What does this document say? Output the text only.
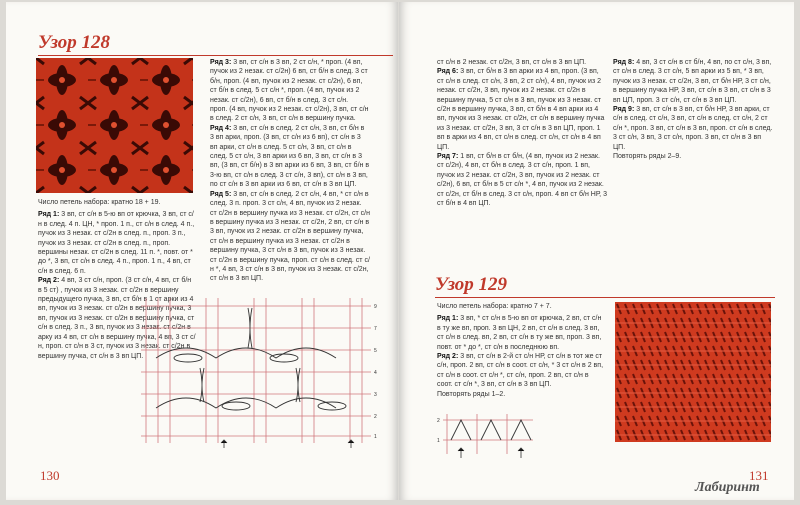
Узор 128

Число петель набора: кратно 18 + 19.

Ряд 1: 3 вп, ст с/н в 5-ю вп от крючка, 3 вп, ст с/н в след. 4 п. ЦН, * проп. 1 п., ст с/н в след. 4 п., пучок из 3 незак. ст с/2н в след. п., проп. 3 п., пучок из 3 незак. ст с/2н в след. п., проп. вершины незак. ст с/2н в след. 11 п. *, повт. от * до *, 3 вп, ст с/н в след. 4 п., проп. 1 п., 4 вп, ст с/н в след. 6 п.

Ряд 2: 4 вп, 3 ст с/н, проп. (3 ст с/н, 4 вп, ст б/н в 5 ст) , пучок из 3 незак. ст с/2н в вершину предыдущего пучка, 3 вп, ст б/н в 1 ст арки из 4 вп, пучок из 3 незак. ст с/2н в вершину пучка, 3 вп, пучок из 3 незак. ст с/2н в вершину пучка, ст с/н в след. 3 п., 3 вп, пучок из 3 незак. ст с/2н в арку из 4 вп, ст с/н в вершину пучка, 4 вп, 3 ст с/н, проп. ст с/н в 3 ст, пучок из 3 незак. ст с/2н в вершину пучка, ст с/н в 3 вп ЦП.

Ряд 3: 3 вп, ст с/н в 3 вп, 2 ст с/н, * проп. (4 вп, пучок из 2 незак. ст с/2н) 6 вп, ст б/н в след. 3 ст б/н, проп. (4 вп, пучок из 2 незак. ст с/2н), 6 вп, ст б/н в след. 5 ст с/н *, проп. (4 вп, пучок из 2 незак. ст с/2н), 6 вп, ст б/н в след. 3 ст с/н.

проп. (4 вп, пучок из 2 незак. ст с/2н), 3 вп, ст с/н в след. 2 ст с/н, 3 вп, ст с/н в вершину пучка.

Ряд 4: 3 вп, ст с/н в след. 2 ст с/н, 3 вп, ст б/н в 3 вп арки, проп. (3 вп, ст с/н из 6 вп), ст с/н в 3 вп арки, ст с/н в след. 5 ст с/н, 3 вп, ст с/н в след. 5 ст с/н, 3 вп арки из 6 вп, 3 вп, ст с/н в 3 вп, (3 вп, ст б/н) в 3 вп арки из 6 вп, 3 вп, ст б/н в 3-ю вп, ст с/н в след. 3 ст с/н, 3 вп), ст с/н в 3 вп, по ст с/н в 3 вп арки из 6 вп, ст с/н в 3 вп ЦП.

Ряд 5: 3 вп, ст с/н в след. 2 ст с/н, 4 вп, * ст с/н в след. 3 п. проп. 3 ст с/н, 4 вп, пучок из 2 незак. ст с/2н в вершину пучка из 3 незак. ст с/2н, ст с/н в вершину пучка из 3 незак. ст с/2н, 2 вп, ст с/н в 3 вп, пучок из 2 незак. ст с/2н в вершину пучка, ст с/н в вершину пучка из 3 незак. ст с/2н в вершину пучка, 3 ст с/н в 3 вп, пучок из 3 незак. ст с/2н в вершину пучка, проп. ст с/н в след. ст с/н *, 4 вп, 3 ст с/н в 3 вп, пучок из 3 незак. ст с/2н, ст с/н в 3 вп ЦП.

9
7
5
4
3
2
1
130

ст с/н в 2 незак. ст с/2н, 3 вп, ст с/н в 3 вп ЦП.

Ряд 6: 3 вп, ст б/н в 3 вп арки из 4 вп, проп. (3 вп, ст с/н в след. ст с/н, 3 вп, 2 ст с/н), 4 вп, пучок из 2 незак. ст с/2н, 3 вп, пучок из 2 незак. ст с/2н в вершину пучка, 5 ст с/н в 3 вп, пучок из 3 незак. ст с/2н в вершину пучка, 3 вп, ст б/н в 4 вп арки из 4 вп, пучок из 3 незак. ст с/2н, ст с/н в вершину пучка из 3 незак. ст с/2н, 3 вп, 3 ст с/н в 3 вп ЦП, проп. 1 вп в арки из 4 вп, ст с/н в след. ст с/н, ст с/н в 4 вп ЦП.

Ряд 7: 1 вп, ст б/н в ст б/н, (4 вп, пучок из 2 незак. ст с/2н), 4 вп, ст б/н в след. 3 ст с/н, проп. 1 вп, пучок из 2 незак. ст с/2н, 3 вп, пучок из 2 незак. ст с/2н), 6 вп, ст б/н в 5 ст с/н *, 4 вп, пучок из 2 незак. ст с/2н, ст б/н в след. 3 ст с/н, проп. 4 вп ст б/н НР, 3 ст б/н в 4 вп ЦП.

Ряд 8: 4 вп, 3 ст с/н в ст б/н, 4 вп, по ст с/н, 3 вп, ст с/н в след. 3 ст с/н, 5 вп арки из 5 вп, * 3 вп, пучок из 3 незак. ст с/2н, 3 вп, ст б/н НР, 3 ст с/н, в вершину пучка НР, 3 вп, ст с/н в 3 вп, ст с/н в 3 вп ЦП, проп. 3 ст с/н, ст с/н в 3 вп ЦП.

Ряд 9: 3 вп, ст с/н в 3 вп, ст б/н НР, 3 вп арки, ст с/н в след. ст с/н, 3 вп, ст с/н в след. ст с/н, 2 ст с/н *, проп. 3 вп, ст с/н в 3 вп, проп. ст с/н в след. 3 ст с/н, 3 вп, 3 ст с/н, проп. 3 вп, ст с/н в 3 вп ЦП.

Повторять ряды 2–9.

Узор 129

Число петель набора: кратно 7 + 7.

Ряд 1: 3 вп, * ст с/н в 5-ю вп от крючка, 2 вп, ст с/н в ту же вп, проп. 3 вп ЦН, 2 вп, ст с/н в след. 3 вп, ст с/н в след. вп, 2 вп, ст с/н в ту же вп, проп. 3 вп, повт. от * до *, ст с/н в последнюю вп.

Ряд 2: 3 вп, ст с/н в 2-й ст с/н НР, ст с/н в тот же ст с/н, проп. 2 вп, ст с/н в соот. ст с/н, * 3 ст с/н в 2 вп, ст с/н в соот. ст с/н *, ст с/н, проп. 2 вп, ст с/н в соот. ст с/н *, 3 вп, ст с/н в 3 вп ЦП.

Повторять ряды 1–2.

2
1
131
Лабиринт
